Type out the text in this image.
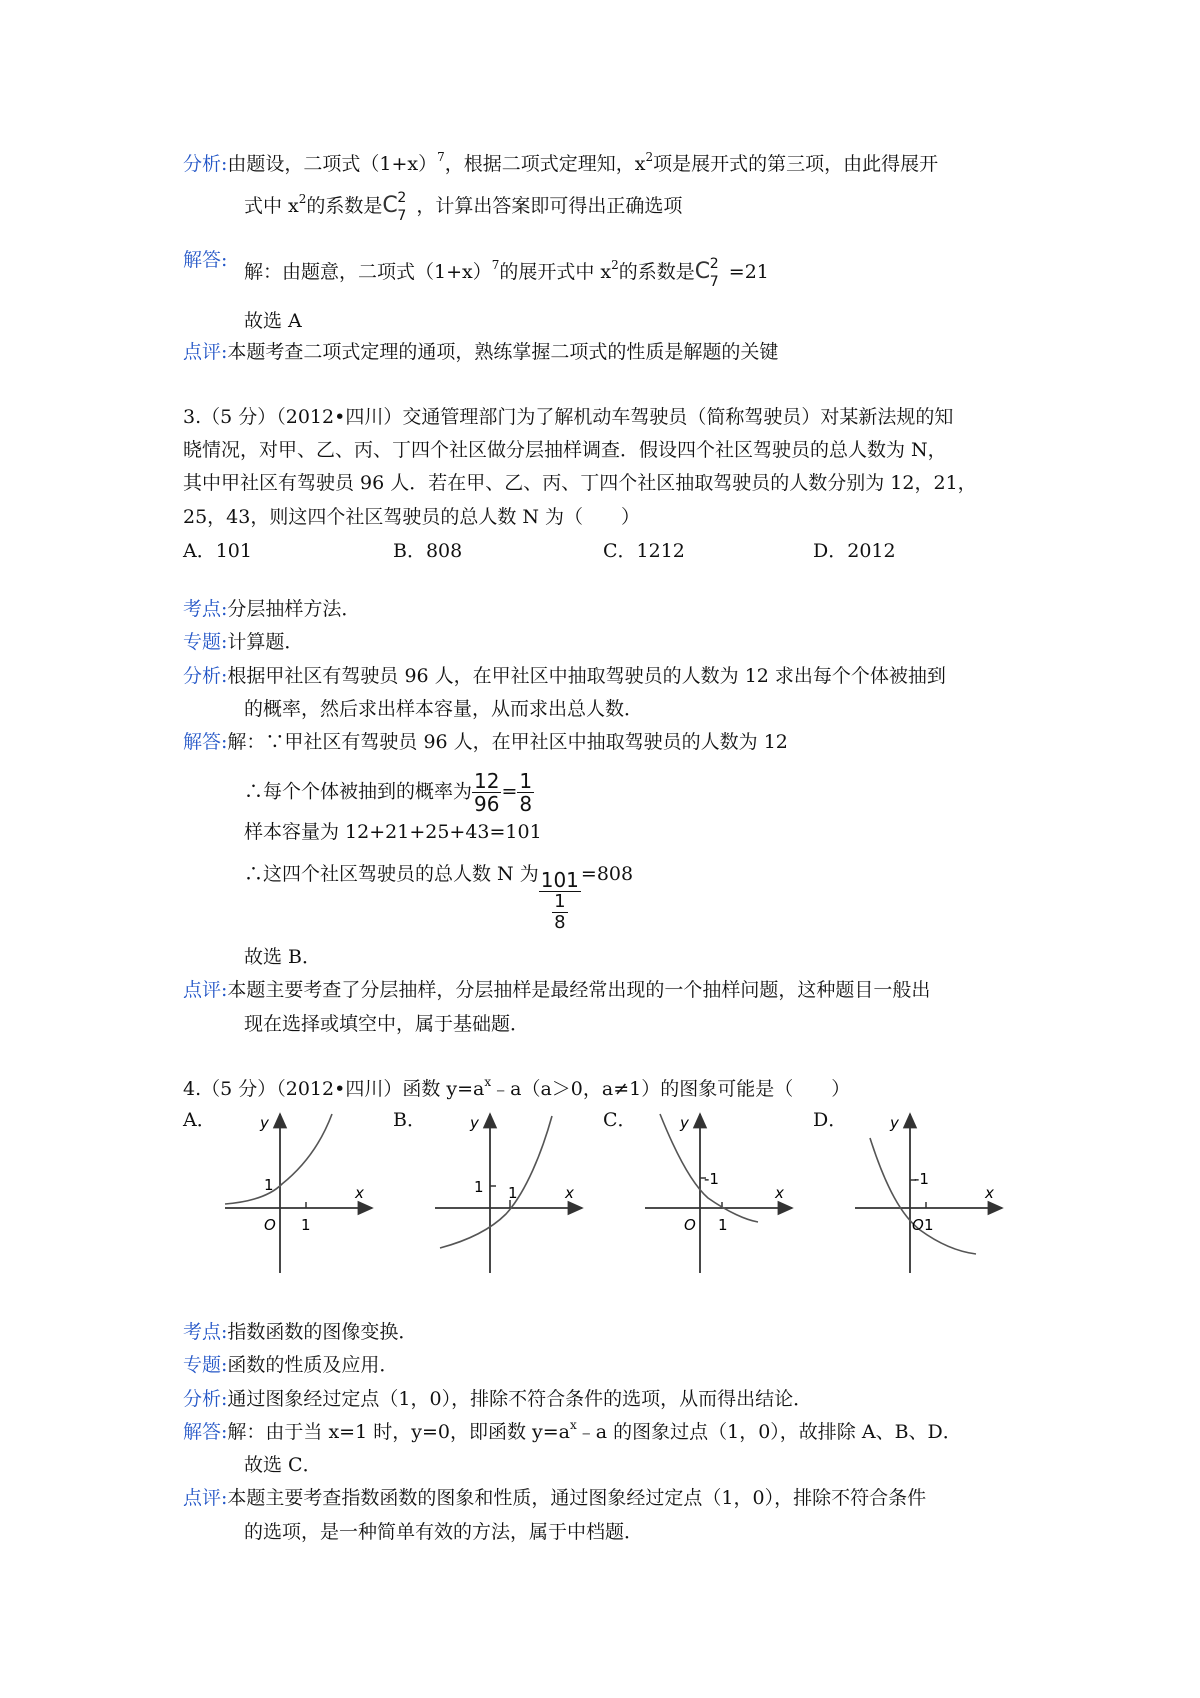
分析:由题设，二项式$(1+x)^7$，根据二项式定理知，$x^2$项是展开式的第三项，由此得展开
式中 $x^2$的系数是 C 2
7 ，计算出答案即可得出正确选项
解答:
解：由题意，二项式$(1+x)^7$的展开式中 $x^2$的系数是 C 2
7 =21
故选 A
点评:本题考查二项式定理的通项，熟练掌握二项式的性质是解题的关键
3.（5 分）（2012•四川）交通管理部门为了解机动车驾驶员（简称驾驶员）对某新法规的知
晓情况，对甲、乙、丙、丁四个社区做分层抽样调查．假设四个社区驾驶员的总人数为 N，
其中甲社区有驾驶员 96 人．若在甲、乙、丙、丁四个社区抽取驾驶员的人数分别为 12，21，
25，43，则这四个社区驾驶员的总人数 N 为（　　）
A．101	B．808	C．1212	D．2012
考点:分层抽样方法．
专题:计算题．
分析:根据甲社区有驾驶员 96 人，在甲社区中抽取驾驶员的人数为 12 求出每个个体被抽到
的概率，然后求出样本容量，从而求出总人数．
解答:解：∵甲社区有驾驶员 96 人，在甲社区中抽取驾驶员的人数为 12
∴每个个体被抽到的概率为 $\frac{12}{96} = \frac{1}{8}$
样本容量为 12+21+25+43=101
∴这四个社区驾驶员的总人数 N 为 $\frac{101}{\frac{1}{8}} =808$
故选 B．
点评:本题主要考查了分层抽样，分层抽样是最经常出现的一个抽样问题，这种题目一般出
现在选择或填空中，属于基础题．
4.（5 分）（2012•四川）函数 $y=a^x﹣a(a>0$，a≠1）的图象可能是（　　）
A．	B．	C．	D．
y
x
1
O 1
y
x
1 1
y
x
-1
O 1
y
x
-1
O 1
考点:指数函数的图像变换．
专题:函数的性质及应用．
分析:通过图象经过定点（1，0），排除不符合条件的选项，从而得出结论．
解答:解：由于当 x=1 时，y=0，即函数 $y=a^x﹣a$ 的图象过点（1，0），故排除 A、B、D．
故选 C．
点评:本题主要考查指数函数的图象和性质，通过图象经过定点（1，0），排除不符合条件
的选项，是一种简单有效的方法，属于中档题．
